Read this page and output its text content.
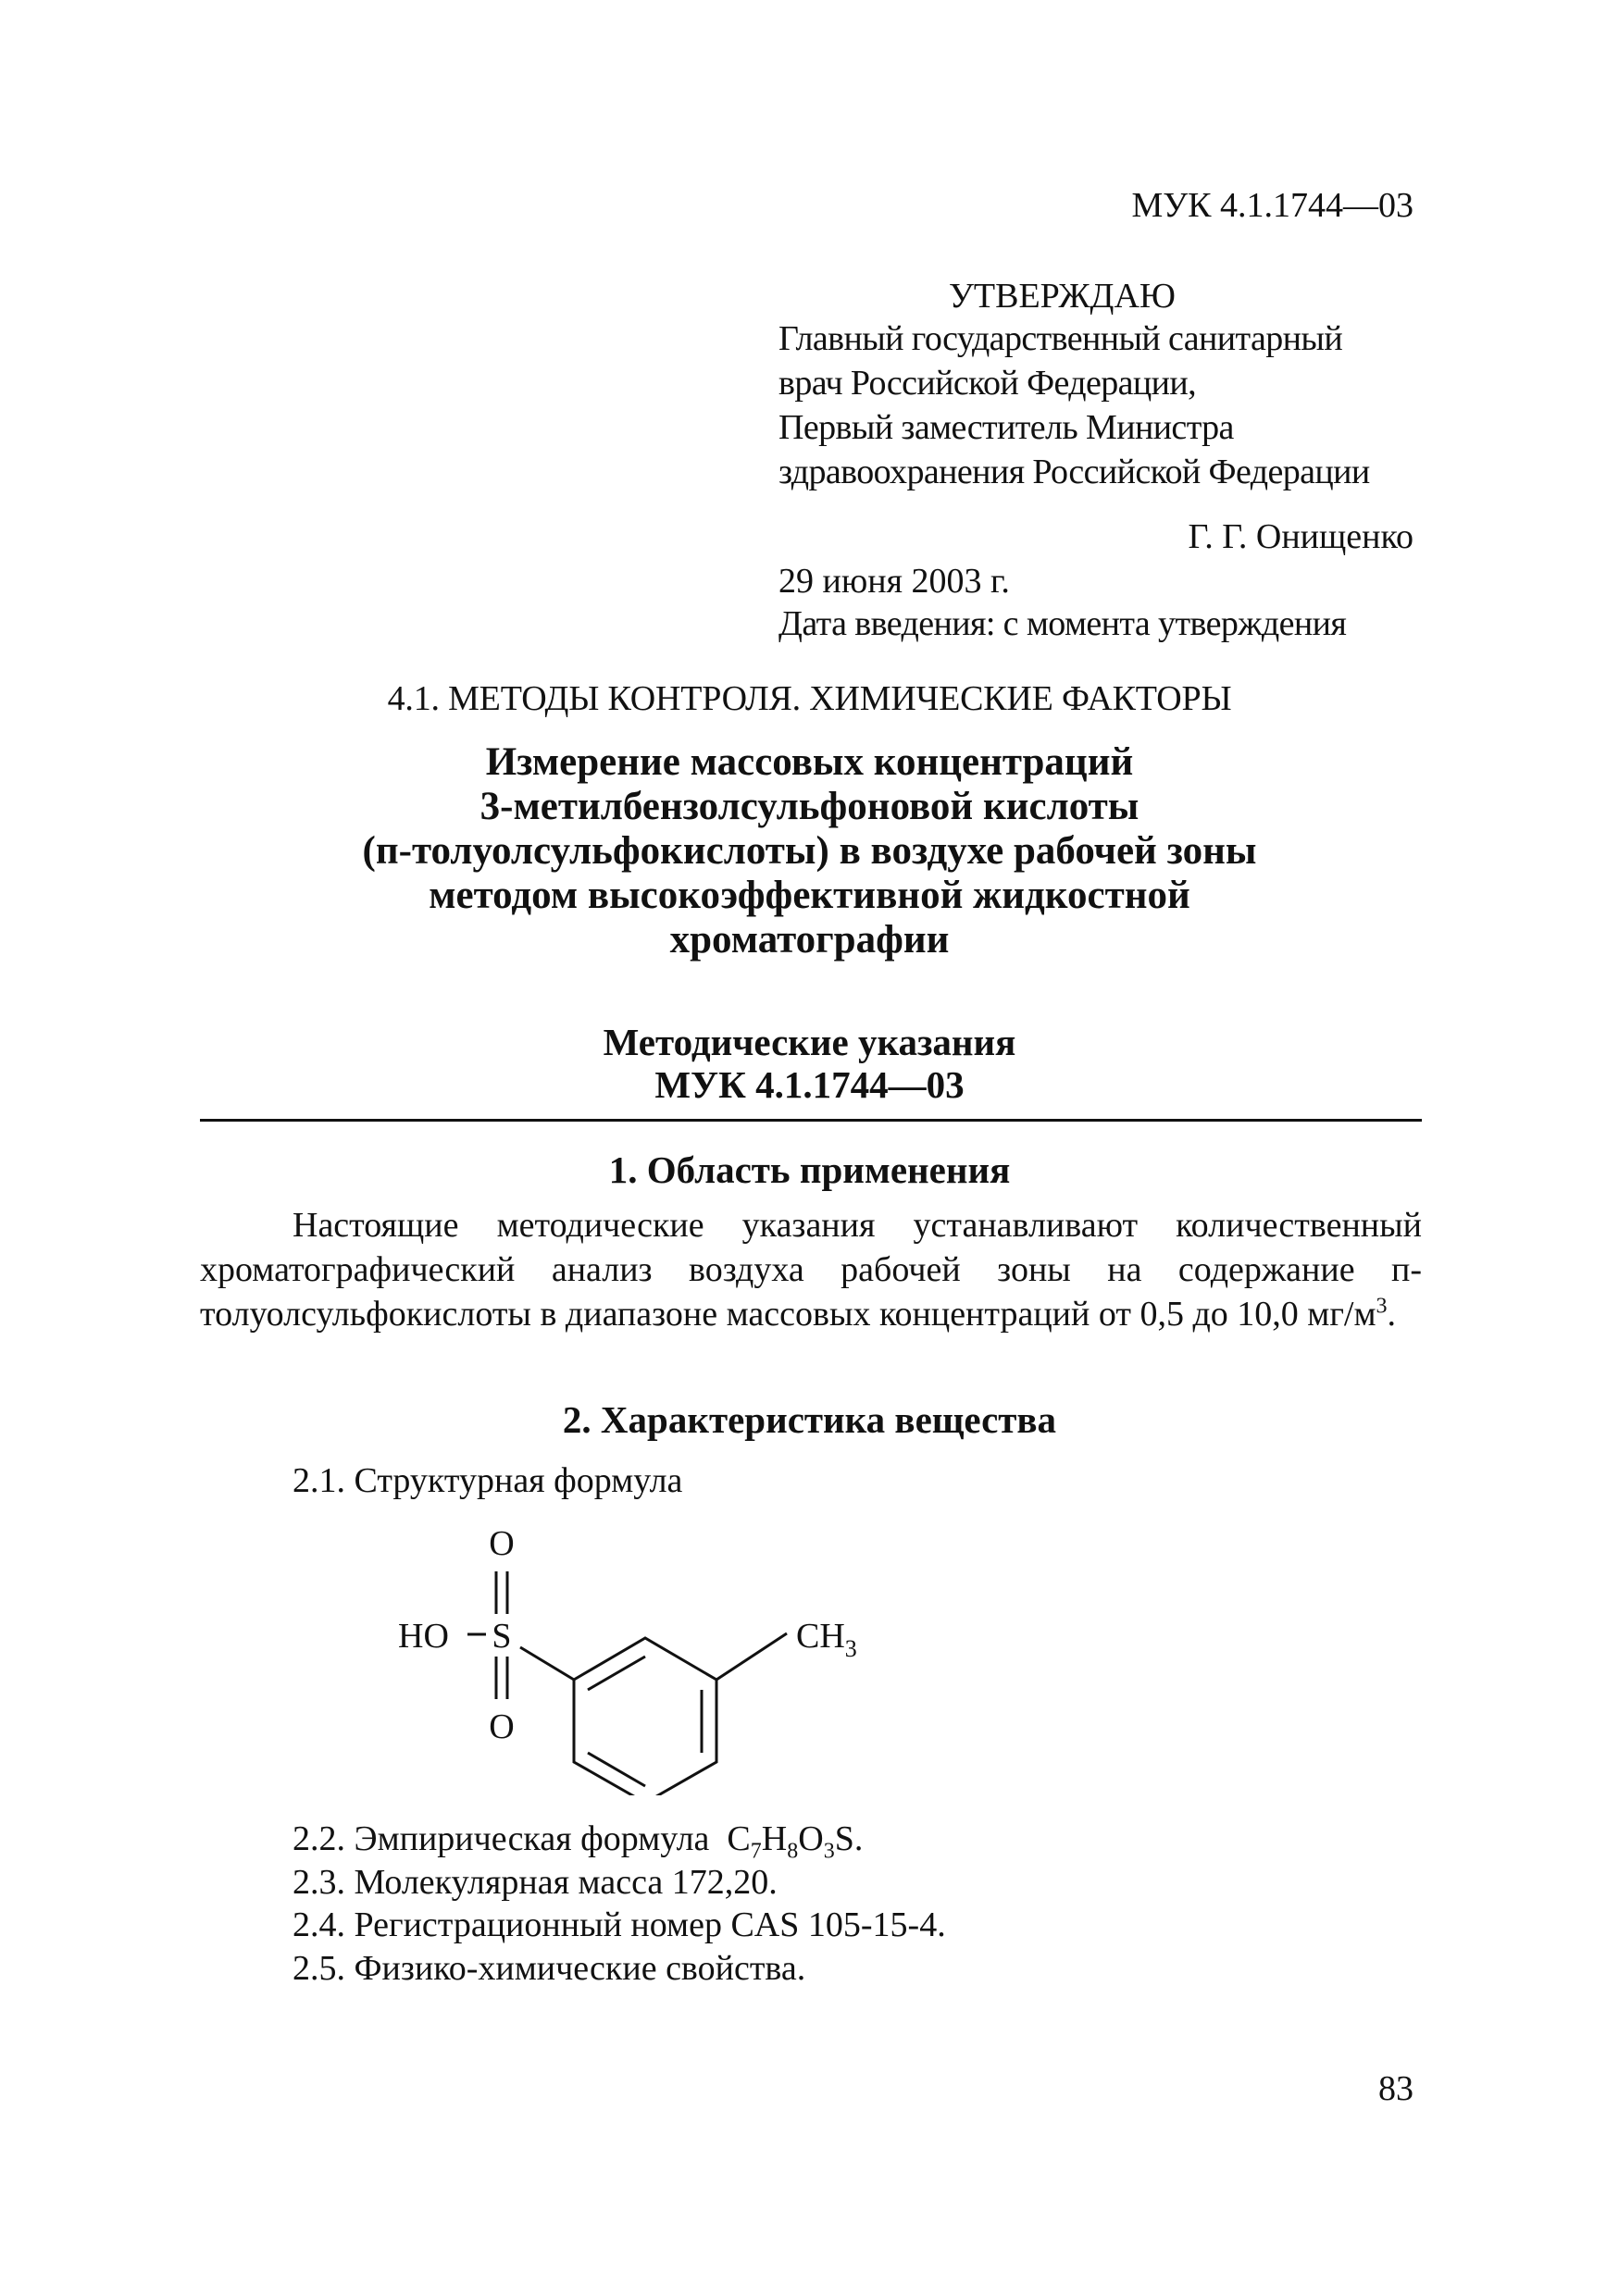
МУК 4.1.1744—03
УТВЕРЖДАЮ
Главный государственный санитарный
врач Российской Федерации,
Первый заместитель Министра
здравоохранения Российской Федерации
Г. Г. Онищенко
29 июня 2003 г.
Дата введения: с момента утверждения
4.1. МЕТОДЫ КОНТРОЛЯ. ХИМИЧЕСКИЕ ФАКТОРЫ
Измерение массовых концентраций
3-метилбензолсульфоновой кислоты
(п-толуолсульфокислоты) в воздухе рабочей зоны
методом высокоэффективной жидкостной
хроматографии
Методические указания
МУК 4.1.1744—03
1. Область применения
Настоящие методические указания устанавливают количественный хроматографический анализ воздуха рабочей зоны на содержание п-толуолсульфокислоты в диапазоне массовых концентраций от 0,5 до 10,0 $мг/м^3$.
2. Характеристика вещества
2.1. Структурная формула
O
S
O
HO	$CH_3$
2.2. Эмпирическая формула $C_7H_8O_3S$.
2.3. Молекулярная масса 172,20.
2.4. Регистрационный номер CAS 105-15-4.
2.5. Физико-химические свойства.
83
